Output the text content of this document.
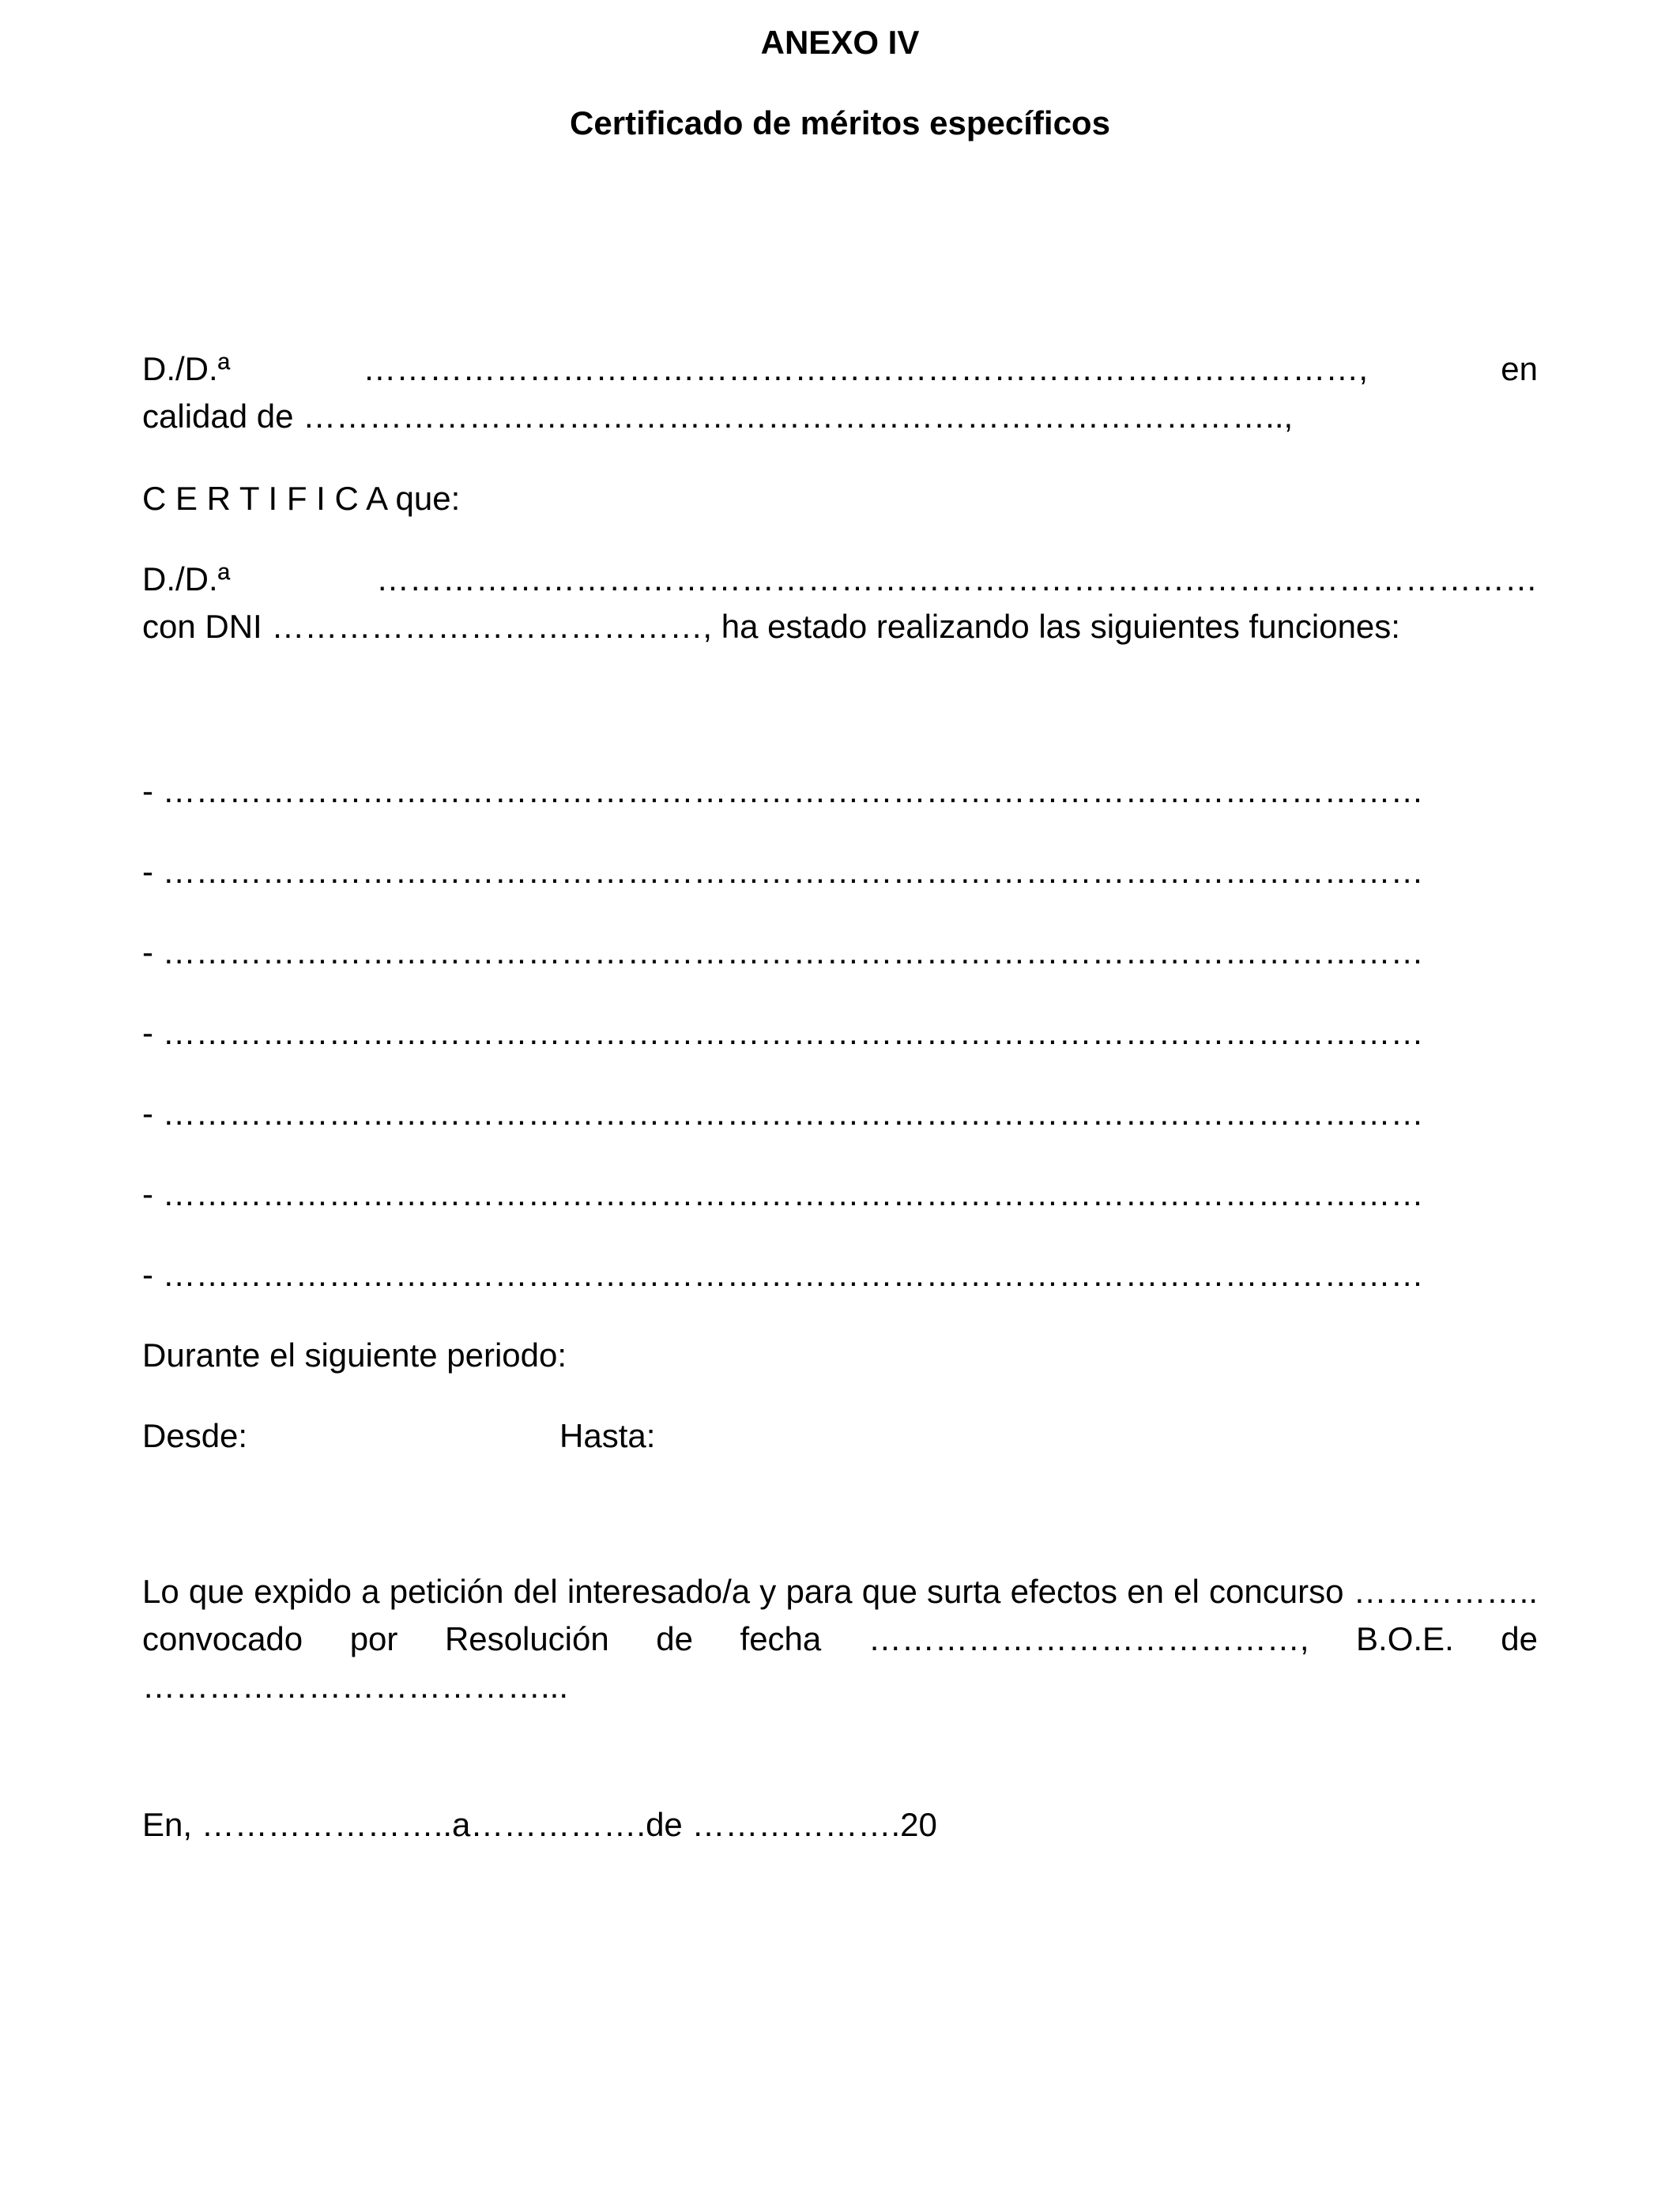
ANEXO IV
Certificado de méritos específicos
D./D.ª	………………………………………………………………………………,	en
calidad de ……………………………………………………………………………..,
C E R T I F I C A que:
D./D.ª	……………………………………………………………………………………………
con DNI …………………………………, ha estado realizando las siguientes funciones:
- ……………………………………………………………………………………………………
- ……………………………………………………………………………………………………
- ……………………………………………………………………………………………………
- ……………………………………………………………………………………………………
- ……………………………………………………………………………………………………
- ……………………………………………………………………………………………………
- ……………………………………………………………………………………………………
Durante el siguiente periodo:
Desde:	Hasta:

Lo que expido a petición del interesado/a y para que surta efectos en el concurso …………….. convocado por Resolución de fecha …………………………………, B.O.E. de ………………………………...

En, …………………..a…………….de ……………….20
